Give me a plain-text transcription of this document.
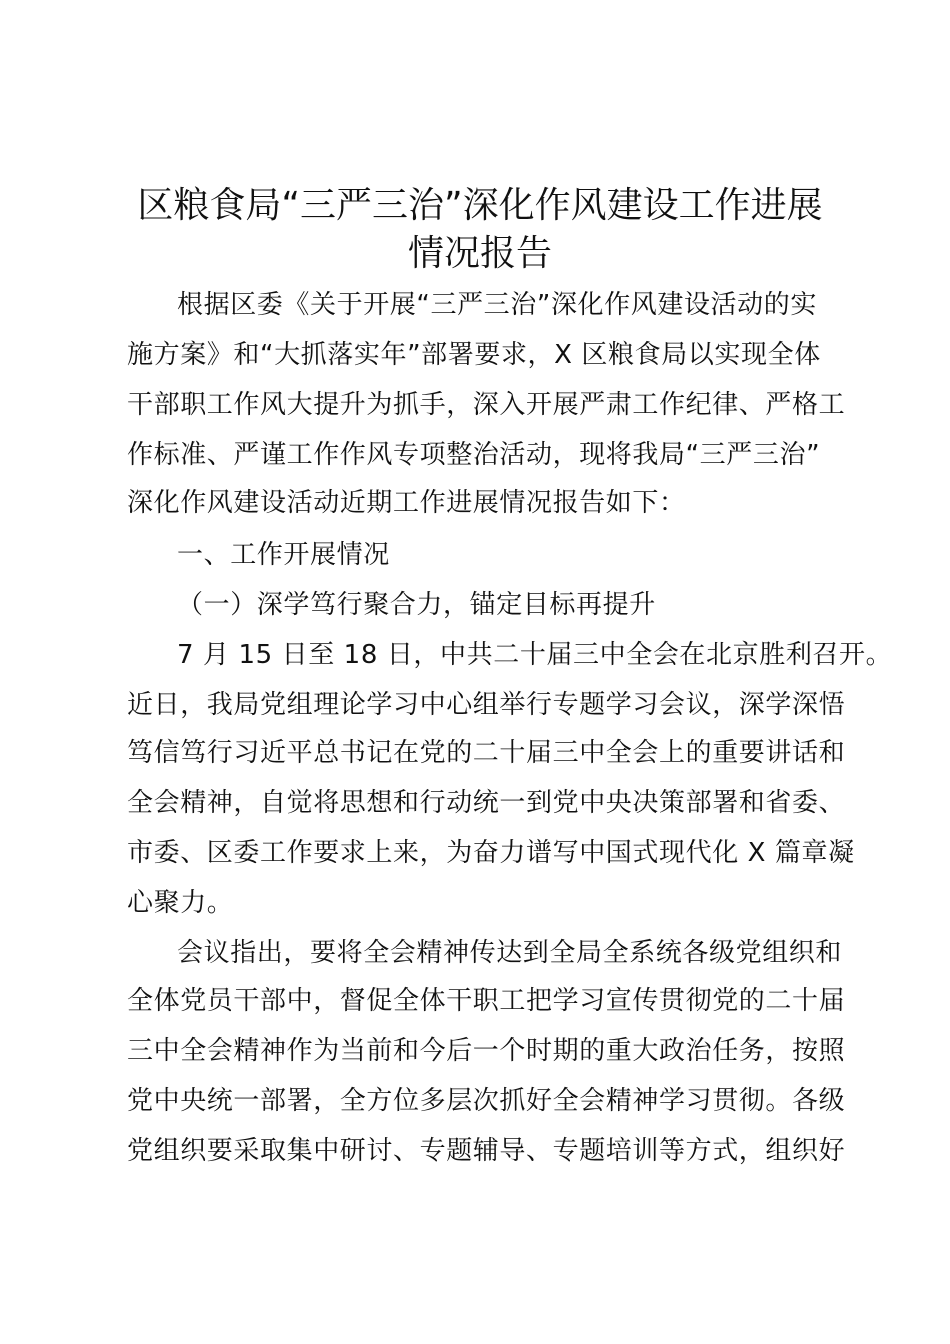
区粮食局“三严三治”深化作风建设工作进展
情况报告
根据区委《关于开展“三严三治”深化作风建设活动的实
施方案》和“大抓落实年”部署要求，X 区粮食局以实现全体
干部职工作风大提升为抓手，深入开展严肃工作纪律、严格工
作标准、严谨工作作风专项整治活动，现将我局“三严三治”
深化作风建设活动近期工作进展情况报告如下：
一、工作开展情况
（一）深学笃行聚合力，锚定目标再提升
7 月 15 日至 18 日，中共二十届三中全会在北京胜利召开。
近日，我局党组理论学习中心组举行专题学习会议，深学深悟
笃信笃行习近平总书记在党的二十届三中全会上的重要讲话和
全会精神，自觉将思想和行动统一到党中央决策部署和省委、
市委、区委工作要求上来，为奋力谱写中国式现代化 X 篇章凝
心聚力。
会议指出，要将全会精神传达到全局全系统各级党组织和
全体党员干部中，督促全体干职工把学习宣传贯彻党的二十届
三中全会精神作为当前和今后一个时期的重大政治任务，按照
党中央统一部署，全方位多层次抓好全会精神学习贯彻。各级
党组织要采取集中研讨、专题辅导、专题培训等方式，组织好
